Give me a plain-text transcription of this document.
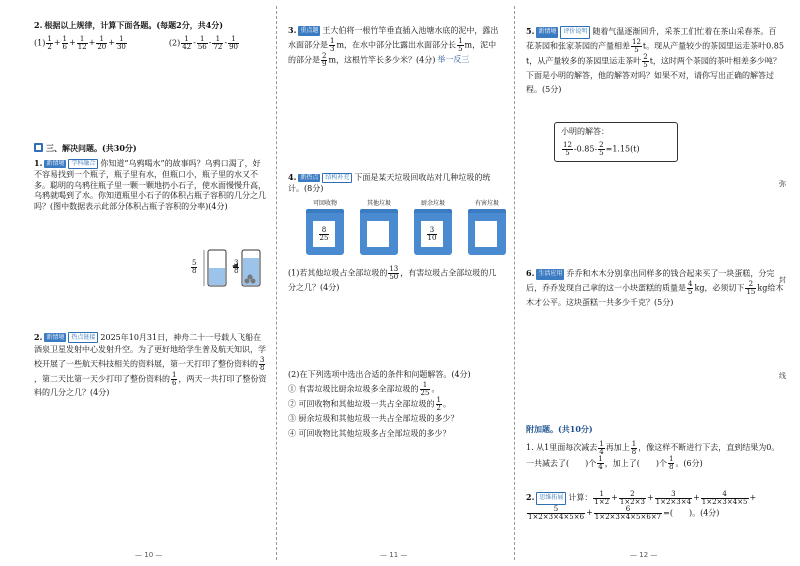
2. 根据以上规律，计算下面各题。(每题2分，共4分)
$(1) \frac{1}{2} + \frac{1}{6} + \frac{1}{12} + \frac{1}{20} + \frac{1}{30}$	$(2) \frac{1}{42} - \frac{1}{56} - \frac{1}{72} - \frac{1}{90}$
三、解决问题。(共30分)
1. 新情境 学科融合 你知道“乌鸦喝水”的故事吗？乌鸦口渴了，好不容易找到一个瓶子，瓶子里有水，但瓶口小，瓶子里的水又不多。聪明的乌鸦往瓶子里一颗一颗地扔小石子，使水面慢慢升高，乌鸦就喝到了水。你知道瓶里小石子的体积占瓶子容积的几分之几吗？(图中数据表示此部分体积占瓶子容积的分率)(4分)
5
8
3
8
2. 新情境 热点链接 2025年10月31日，神舟二十一号载人飞船在酒泉卫星发射中心发射升空。为了更好地给学生普及航天知识，学校开展了一些航天科技相关的资料展，第一天打印了整份资料的 $\frac{3}{8}$
，第二天比第一天少打印了整份资料的 $\frac{1}{6}$ ，两天一共打印了整份资料的几分之几？(4分)
— 10 —
3. 重点题 王大伯将一根竹竿垂直插入池塘水底的泥中，露出水面部分是 $\frac{1}{3}$ m，在水中部分比露出水面部分长 $\frac{1}{5}$ m，泥中的部分是 $\frac{2}{9}$ m，这根竹竿长多少米？(4分) 举一反三
4. 新热点 结构补充 下面是某天垃圾回收站对几种垃圾的统计。(8分)
可回收物
8
25
其他垃圾	厨余垃圾
3
10
有害垃圾
(1)若其他垃圾占全部垃圾的 $\frac{13}{50}$ ，有害垃圾占全部垃圾的几分之几？(4分)
(2)在下列选项中选出合适的条件和问题解答。(4分)
① 有害垃圾比厨余垃圾多全部垃圾的 $\frac{1}{25}$ 。
② 可回收物和其他垃圾一共占全部垃圾的 $\frac{1}{2}$ 。
③ 厨余垃圾和其他垃圾一共占全部垃圾的多少？
④ 可回收物比其他垃圾多占全部垃圾的多少？
— 11 —
5. 新情境 评价说明 随着气温逐渐回升，采茶工们忙着在茶山采春茶。百花茶园和张家茶园的产量相差 $\frac{12}{5}$ t。现从产量较少的茶园里运走茶叶0.85 t，从产量较多的茶园里运走茶叶 $\frac{2}{5}$ t，这时两个茶园的茶叶相差多少吨？下面是小明的解答，他的解答对吗？如果不对，请你写出正确的解答过程。(5分)
小明的解答：
$\frac{12}{5} -0.85- \frac{2}{5} =1.15(t)$
6. 生活应用 乔乔和木木分别拿出同样多的钱合起来买了一块蛋糕，分完后，乔乔发现自己拿的这一小块蛋糕的质量是 $\frac{4}{5}$ kg，必须切下 $\frac{2}{15}$ kg给木木才公平。这块蛋糕一共多少千克？(5分)
附加题。(共10分)
1. 从1里面每次减去 $\frac{1}{4}$ 再加上 $\frac{1}{8}$ ，像这样不断进行下去，直到结果为0。一共减去了(　　)个 $\frac{1}{4}$ ，加上了(　　)个 $\frac{1}{8}$ 。(6分)
2. 思维拓展 计算： $\frac{1}{1\times 2} + \frac{2}{1\times 2\times 3} + \frac{3}{1\times 2\times 3\times 4} + \frac{4}{1\times 2\times 3\times 4\times 5}$ +
$\frac{5}{1\times 2\times 3\times 4\times 5\times 6} + \frac{6}{1\times 2\times 3\times 4\times 5\times 6\times 7}$ =(　　)。(4分)
弥
封
线
— 12 —
